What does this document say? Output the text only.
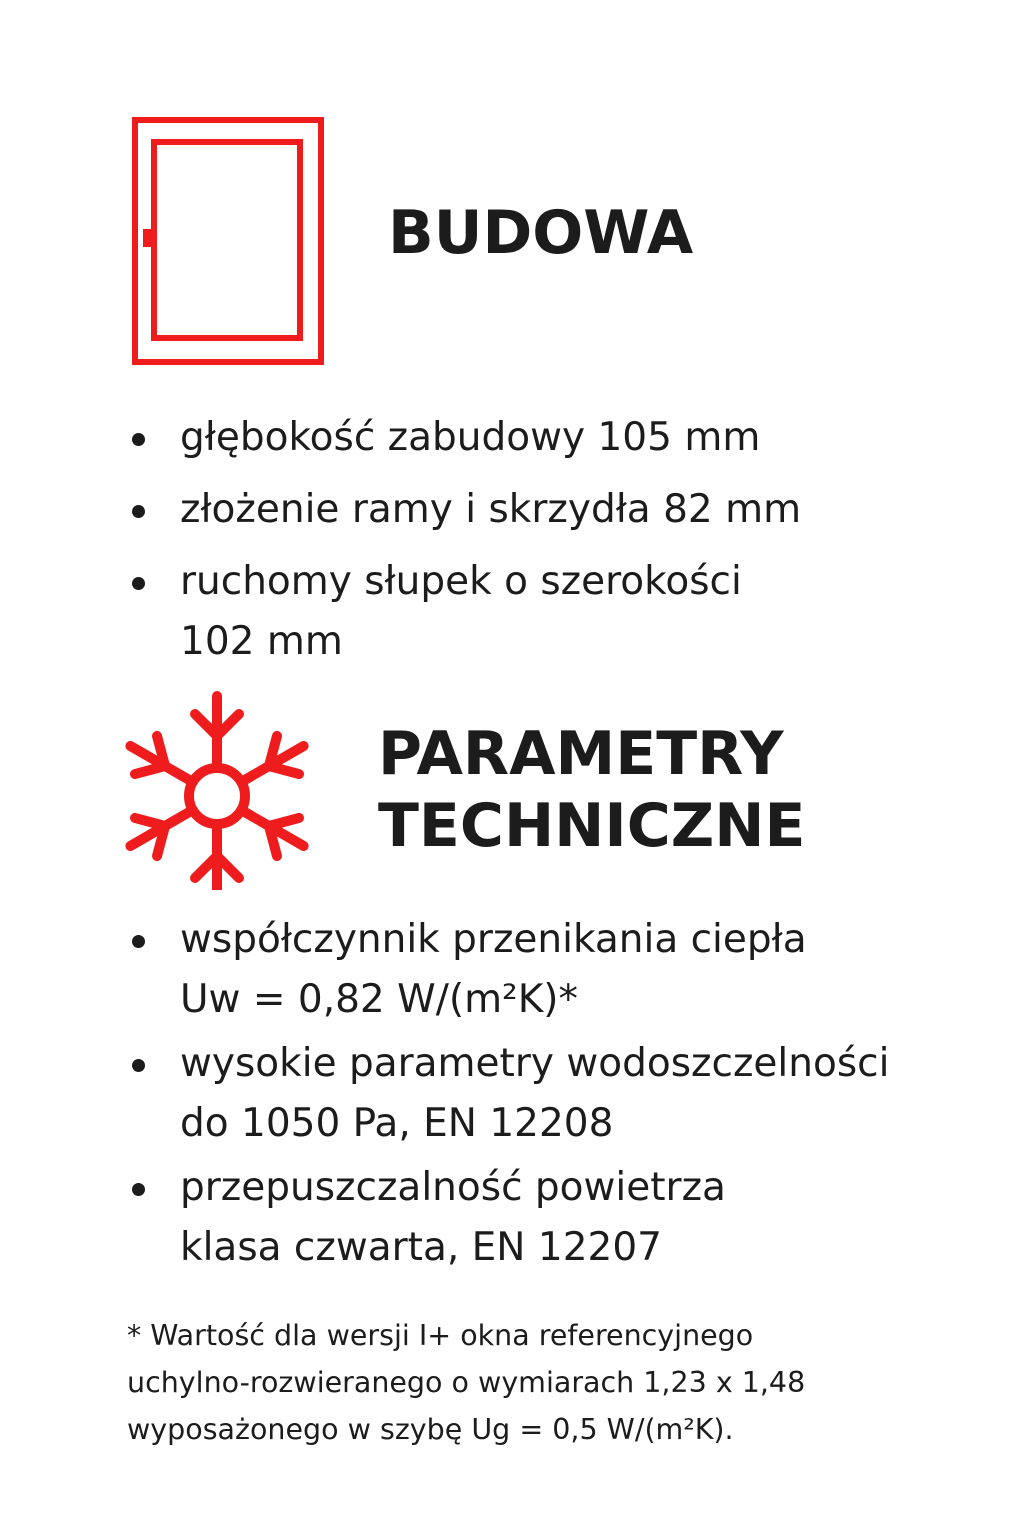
BUDOWA
głębokość zabudowy 105 mm
złożenie ramy i skrzydła 82 mm
ruchomy słupek o szerokości
102 mm
PARAMETRY
TECHNICZNE
współczynnik przenikania ciepła
Uw = 0,82 W/(m²K)*
wysokie parametry wodoszczelności
do 1050 Pa, EN 12208
przepuszczalność powietrza
klasa czwarta, EN 12207

* Wartość dla wersji I+ okna referencyjnego
uchylno-rozwieranego o wymiarach 1,23 x 1,48
wyposażonego w szybę Ug = 0,5 W/(m²K).
